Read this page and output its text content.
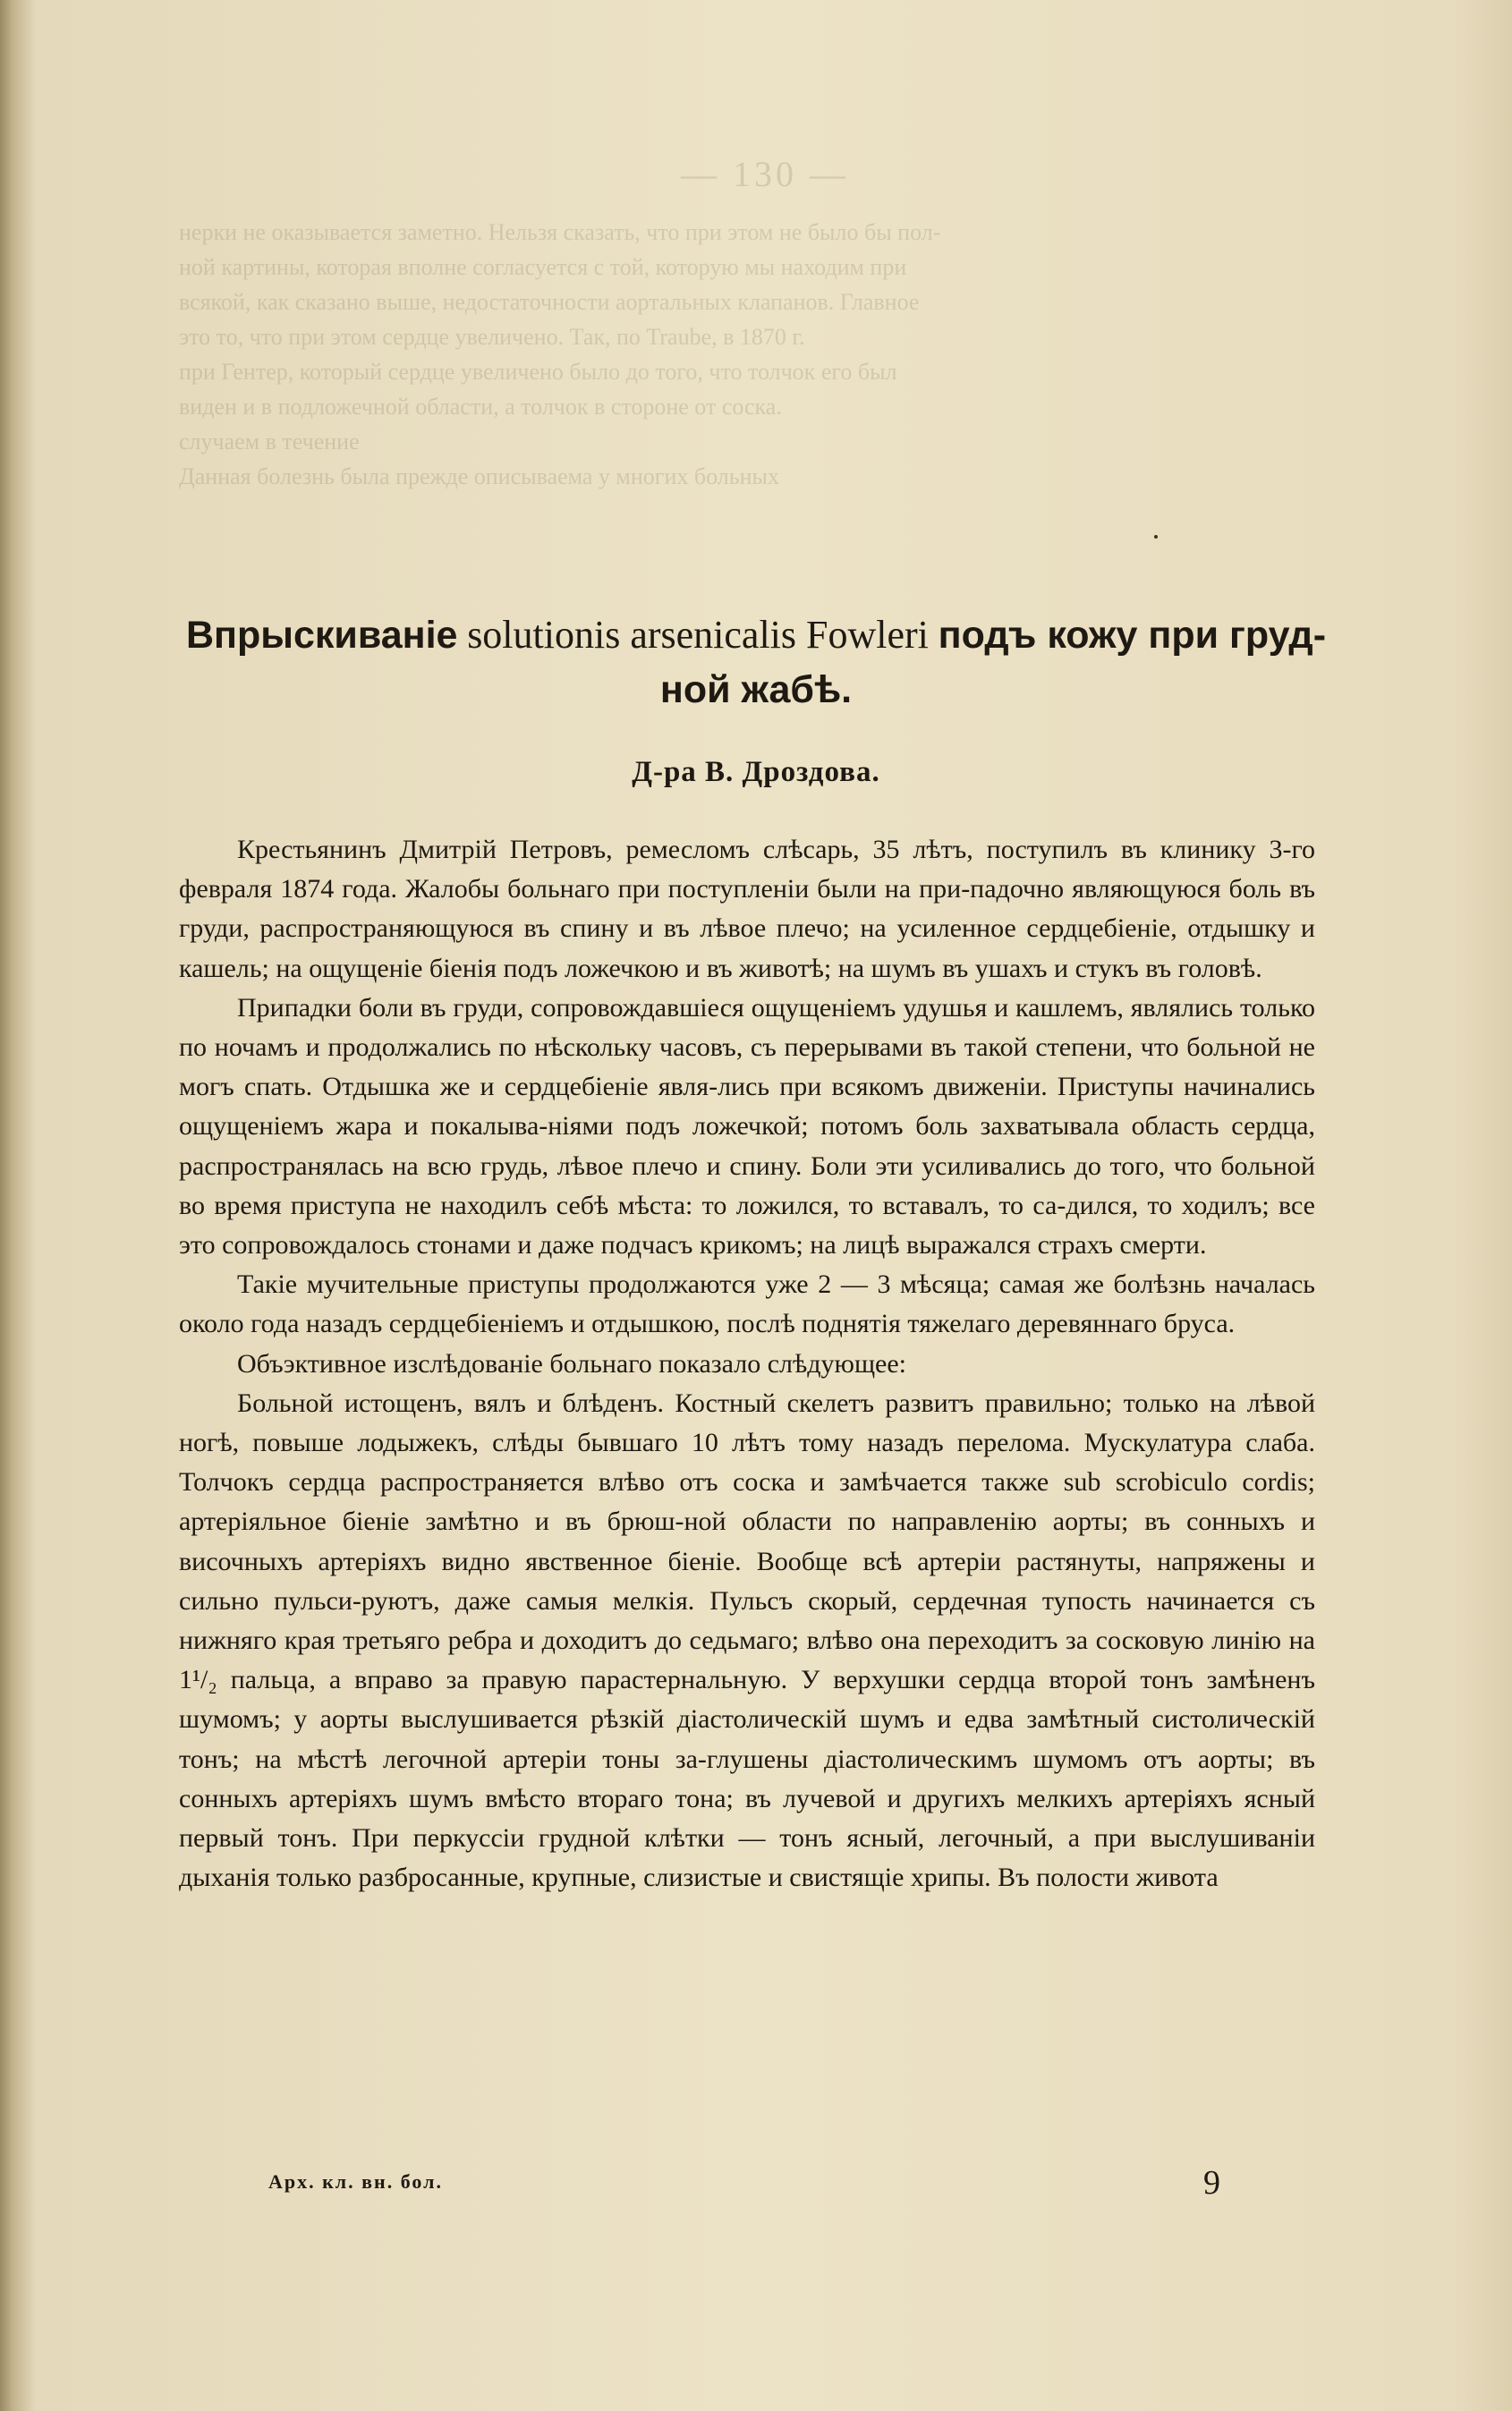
— 130 —
нерки не оказывается заметно. Нельзя сказать, что при этом не было бы пол-
ной картины, которая вполне согласуется с той, которую мы находим при
всякой, как сказано выше, недостаточности аортальных клапанов. Главное
это то, что при этом сердце увеличено. Так, по Traube, в 1870 г.
при Гентер, который сердце увеличено было до того, что толчок его был
виден и в подложечной области, а толчок в стороне от соска.
случаем в течение
Данная болезнь была прежде описываема у многих больных
Впрыскиваніе solutionis arsenicalis Fowleri подъ кожу при груд-
ной жабѣ.
Д-ра В. Дроздова.

Крестьянинъ Дмитрій Петровъ, ремесломъ слѣсарь, 35 лѣтъ, поступилъ въ клинику 3-го февраля 1874 года. Жалобы больнаго при поступленіи были на при-падочно являющуюся боль въ груди, распространяющуюся въ спину и въ лѣвое плечо; на усиленное сердцебіеніе, отдышку и кашель; на ощущеніе біенія подъ ложечкою и въ животѣ; на шумъ въ ушахъ и стукъ въ головѣ.

Припадки боли въ груди, сопровождавшіеся ощущеніемъ удушья и кашлемъ, являлись только по ночамъ и продолжались по нѣскольку часовъ, съ перерывами въ такой степени, что больной не могъ спать. Отдышка же и сердцебіеніе явля-лись при всякомъ движеніи. Приступы начинались ощущеніемъ жара и покалыва-ніями подъ ложечкой; потомъ боль захватывала область сердца, распространялась на всю грудь, лѣвое плечо и спину. Боли эти усиливались до того, что больной во время приступа не находилъ себѣ мѣста: то ложился, то вставалъ, то са-дился, то ходилъ; все это сопровождалось стонами и даже подчасъ крикомъ; на лицѣ выражался страхъ смерти.

Такіе мучительные приступы продолжаются уже 2 — 3 мѣсяца; самая же болѣзнь началась около года назадъ сердцебіеніемъ и отдышкою, послѣ поднятія тяжелаго деревяннаго бруса.

Объэктивное изслѣдованіе больнаго показало слѣдующее:

Больной истощенъ, вялъ и блѣденъ. Костный скелетъ развитъ правильно; только на лѣвой ногѣ, повыше лодыжекъ, слѣды бывшаго 10 лѣтъ тому назадъ перелома. Мускулатура слаба. Толчокъ сердца распространяется влѣво отъ соска и замѣчается также sub scrobiculo cordis; артеріяльное біеніе замѣтно и въ брюш-ной области по направленію аорты; въ сонныхъ и височныхъ артеріяхъ видно явственное біеніе. Вообще всѣ артеріи растянуты, напряжены и сильно пульси-руютъ, даже самыя мелкія. Пульсъ скорый, сердечная тупость начинается съ нижняго края третьяго ребра и доходитъ до седьмаго; влѣво она переходитъ за сосковую линію на 1¹/₂ пальца, а вправо за правую парастернальную. У верхушки сердца второй тонъ замѣненъ шумомъ; у аорты выслушивается рѣзкій діастолическій шумъ и едва замѣтный систолическій тонъ; на мѣстѣ легочной артеріи тоны за-глушены діастолическимъ шумомъ отъ аорты; въ сонныхъ артеріяхъ шумъ вмѣсто втораго тона; въ лучевой и другихъ мелкихъ артеріяхъ ясный первый тонъ. При перкуссіи грудной клѣтки — тонъ ясный, легочный, а при выслушиваніи дыханія только разбросанные, крупные, слизистые и свистящіе хрипы. Въ полости живота

Арх. кл. вн. бол.	9
